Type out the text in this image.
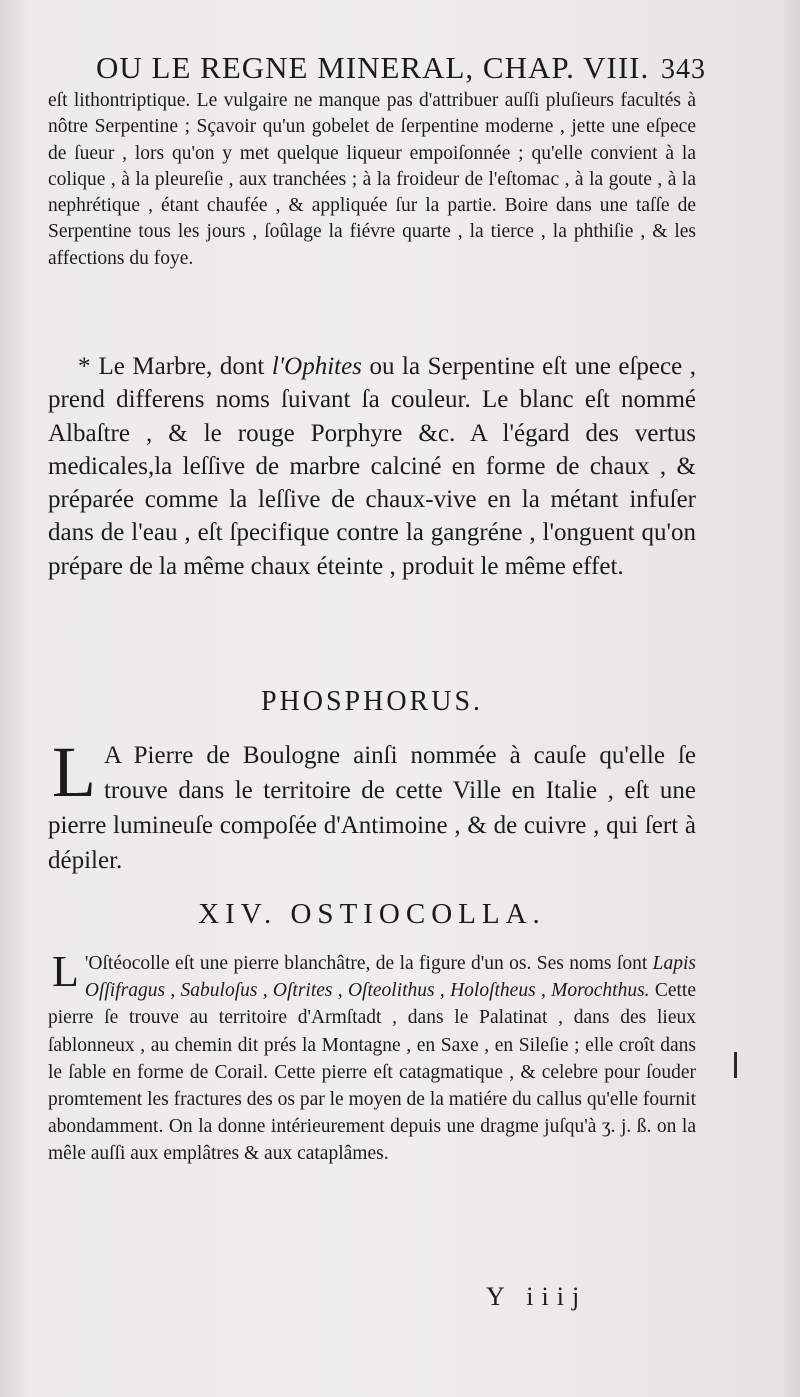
OU LE REGNE MINERAL, CHAP. VIII. 343

eſt lithontriptique. Le vulgaire ne manque pas d'attribuer auſſi pluſieurs facultés à nôtre Serpentine ; Sçavoir qu'un gobelet de ſerpentine moderne , jette une eſpece de ſueur , lors qu'on y met quelque liqueur empoiſonnée ; qu'elle convient à la colique , à la pleureſie , aux tranchées ; à la froideur de l'eſtomac , à la goute , à la nephrétique , étant chaufée , & appliquée ſur la partie. Boire dans une taſſe de Serpentine tous les jours , ſoûlage la fiévre quarte , la tierce , la phthiſie , & les affections du foye.

* Le Marbre, dont l'Ophites ou la Serpentine eſt une eſpece , prend differens noms ſuivant ſa couleur. Le blanc eſt nommé Albaſtre , & le rouge Porphyre &c. A l'égard des vertus medicales,la leſſive de marbre calciné en forme de chaux , & préparée comme la leſſive de chaux-vive en la métant infuſer dans de l'eau , eſt ſpecifique contre la gangréne , l'onguent qu'on prépare de la même chaux éteinte , produit le même effet.

PHOSPHORUS.

L A Pierre de Boulogne ainſi nommée à cauſe qu'elle ſe trouve dans le territoire de cette Ville en Italie , eſt une pierre lumineuſe compoſée d'Antimoine , & de cuivre , qui ſert à dépiler.

XIV. OSTIOCOLLA.

L 'Oſtéocolle eſt une pierre blanchâtre, de la figure d'un os. Ses noms ſont Lapis Oſſifragus , Sabuloſus , Oſtrites , Oſteolithus , Holoſtheus , Morochthus. Cette pierre ſe trouve au territoire d'Armſtadt , dans le Palatinat , dans des lieux ſablonneux , au chemin dit prés la Montagne , en Saxe , en Sileſie ; elle croît dans le ſable en forme de Corail. Cette pierre eſt catagmatique , & celebre pour ſouder promtement les fractures des os par le moyen de la matiére du callus qu'elle fournit abondamment. On la donne intérieurement depuis une dragme juſqu'à ʒ. j. ß. on la mêle auſſi aux emplâtres & aux cataplâmes.

Y iiij
